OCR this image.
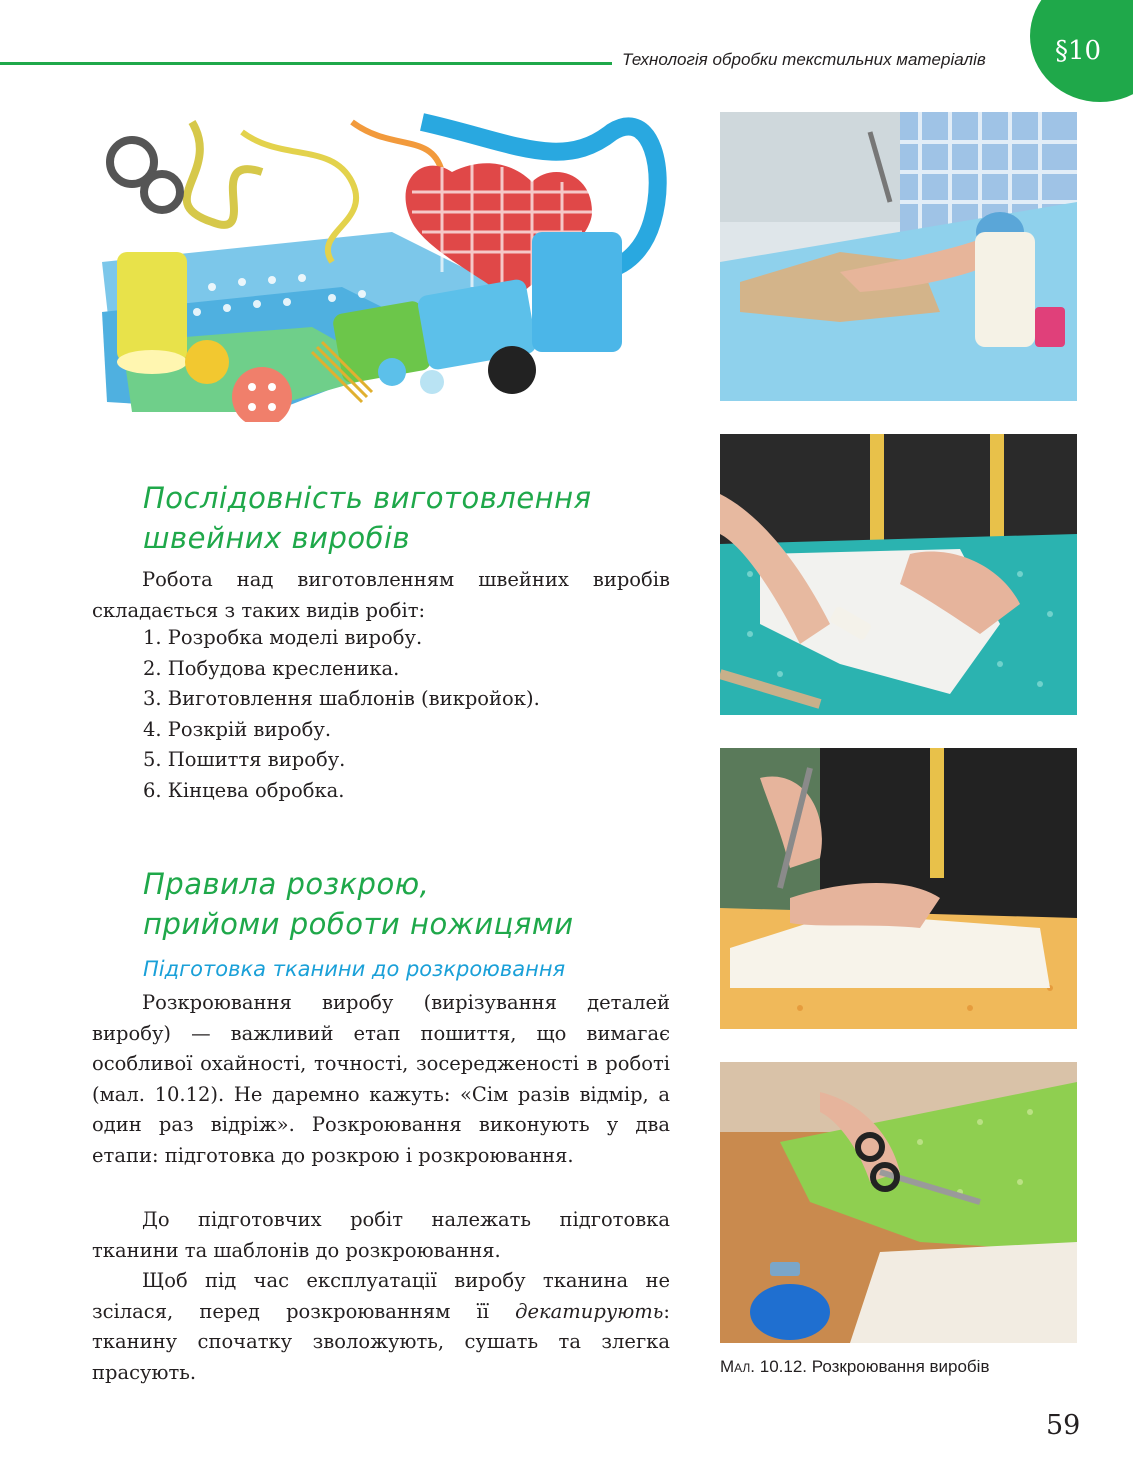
Технологія обробки текстильних матеріалів	§10
Послідовність виготовлення
швейних виробів

Робота над виготовленням швейних виробів складається з таких видів робіт:

1. Розробка моделі виробу.
2. Побудова кресленика.
3. Виготовлення шаблонів (викройок).
4. Розкрій виробу.
5. Пошиття виробу.
6. Кінцева обробка.
Правила розкрою,
прийоми роботи ножицями
Підготовка тканини до розкроювання

Розкроювання виробу (вирізування деталей виробу) — важливий етап пошиття, що вимагає особливої охайності, точності, зосередженості в роботі (мал. 10.12). Не даремно кажуть: «Сім разів відмір, а один раз відріж». Розкроювання виконують у два етапи: підготовка до розкрою і розкроювання.

До підготовчих робіт належать підготовка тканини та шаблонів до розкроювання.

Щоб під час експлуатації виробу тканина не зсілася, перед розкроюванням її декатирують: тканину спочатку зволожують, сушать та злегка прасують.	Мал. 10.12. Розкроювання виробів
59
